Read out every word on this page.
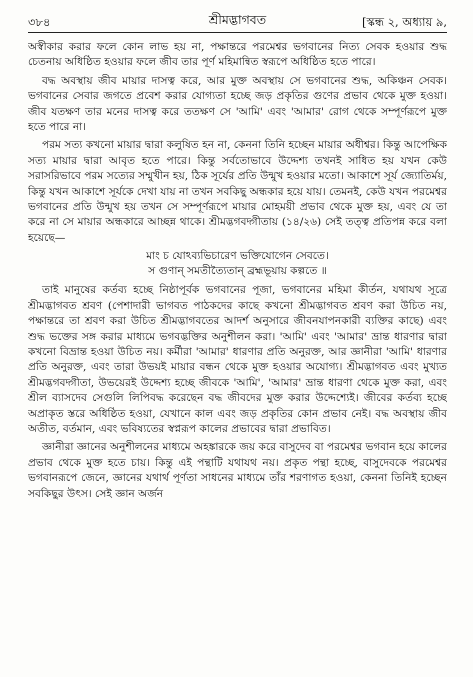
৩৮৪	শ্রীমদ্ভাগবত	[স্কন্ধ ২, অধ্যায় ৯,

অস্বীকার করার ফলে কোন লাভ হয় না, পক্ষান্তরে পরমেশ্বর ভগবানের নিত্য সেবক হওয়ার শুদ্ধ চেতনায় অধিষ্ঠিত হওয়ার ফলে জীব তার পূর্ণ মহিমান্বিত স্বরূপে অধিষ্ঠিত হতে পারে।

বদ্ধ অবস্থায় জীব মায়ার দাসত্ব করে, আর মুক্ত অবস্থায় সে ভগবানের শুদ্ধ, অকিঞ্চন সেবক। ভগবানের সেবার জগতে প্রবেশ করার যোগ্যতা হচ্ছে জড় প্রকৃতির গুণের প্রভাব থেকে মুক্ত হওয়া। জীব যতক্ষণ তার মনের দাসত্ব করে ততক্ষণ সে 'আমি' এবং 'আমার' রোগ থেকে সম্পূর্ণরূপে মুক্ত হতে পারে না।

পরম সত্য কখনো মায়ার দ্বারা কলুষিত হন না, কেননা তিনি হচ্ছেন মায়ার অধীশ্বর। কিন্তু আপেক্ষিক সত্য মায়ার দ্বারা আবৃত হতে পারে। কিন্তু সর্বতোভাবে উদ্দেশ্য তখনই সাধিত হয় যখন কেউ সরাসরিভাবে পরম সত্যের সম্মুখীন হয়, ঠিক সূর্যের প্রতি উন্মুখ হওয়ার মতো। আকাশে সূর্য জ্যোতির্ময়, কিন্তু যখন আকাশে সূর্যকে দেখা যায় না তখন সবকিছু অন্ধকার হয়ে যায়। তেমনই, কেউ যখন পরমেশ্বর ভগবানের প্রতি উন্মুখ হয় তখন সে সম্পূর্ণরূপে মায়ার মোহময়ী প্রভাব থেকে মুক্ত হয়, এবং যে তা করে না সে মায়ার অন্ধকারে আচ্ছন্ন থাকে। শ্রীমদ্ভগবদ্গীতায় (১৪/২৬) সেই তত্ত্ব প্রতিপন্ন করে বলা হয়েছে—

মাং চ যোঽব্যভিচারেণ ভক্তিযোগেন সেবতে।
স গুণান্ সমতীত্যৈতান্ ব্রহ্মভূয়ায় কল্পতে ॥

তাই মানুষের কর্তব্য হচ্ছে নিষ্ঠাপূর্বক ভগবানের পূজা, ভগবানের মহিমা কীর্তন, যথাযথ সূত্রে শ্রীমদ্ভাগবত শ্রবণ (পেশাদারী ভাগবত পাঠকদের কাছে কখনো শ্রীমদ্ভাগবত শ্রবণ করা উচিত নয়, পক্ষান্তরে তা শ্রবণ করা উচিত শ্রীমদ্ভাগবতের আদর্শ অনুসারে জীবনযাপনকারী ব্যক্তির কাছে) এবং শুদ্ধ ভক্তের সঙ্গ করার মাধ্যমে ভগবদ্ভক্তির অনুশীলন করা। 'আমি' এবং 'আমার' ভ্রান্ত ধারণার দ্বারা কখনো বিভ্রান্ত হওয়া উচিত নয়। কর্মীরা 'আমার' ধারণার প্রতি অনুরক্ত, আর জ্ঞানীরা 'আমি' ধারণার প্রতি অনুরক্ত, এবং তারা উভয়ই মায়ার বন্ধন থেকে মুক্ত হওয়ার অযোগ্য। শ্রীমদ্ভাগবত এবং মুখ্যত শ্রীমদ্ভগবদ্গীতা, উভয়েরই উদ্দেশ্য হচ্ছে জীবকে 'আমি', 'আমার' ভ্রান্ত ধারণা থেকে মুক্ত করা, এবং শ্রীল ব্যাসদেব সেগুলি লিপিবদ্ধ করেছেন বদ্ধ জীবদের মুক্ত করার উদ্দেশ্যেই। জীবের কর্তব্য হচ্ছে অপ্রাকৃত স্তরে অধিষ্ঠিত হওয়া, যেখানে কাল এবং জড় প্রকৃতির কোন প্রভাব নেই। বদ্ধ অবস্থায় জীব অতীত, বর্তমান, এবং ভবিষ্যতের স্বপ্নরূপ কালের প্রভাবের দ্বারা প্রভাবিত।

জ্ঞানীরা জ্ঞানের অনুশীলনের মাধ্যমে অহঙ্কারকে জয় করে বাসুদেব বা পরমেশ্বর ভগবান হয়ে কালের প্রভাব থেকে মুক্ত হতে চায়। কিন্তু এই পন্থাটি যথাযথ নয়। প্রকৃত পন্থা হচ্ছে, বাসুদেবকে পরমেশ্বর ভগবানরূপে জেনে, জ্ঞানের যথার্থ পূর্ণতা সাধনের মাধ্যমে তাঁর শরণাগত হওয়া, কেননা তিনিই হচ্ছেন সবকিছুর উৎস। সেই জ্ঞান অর্জন
